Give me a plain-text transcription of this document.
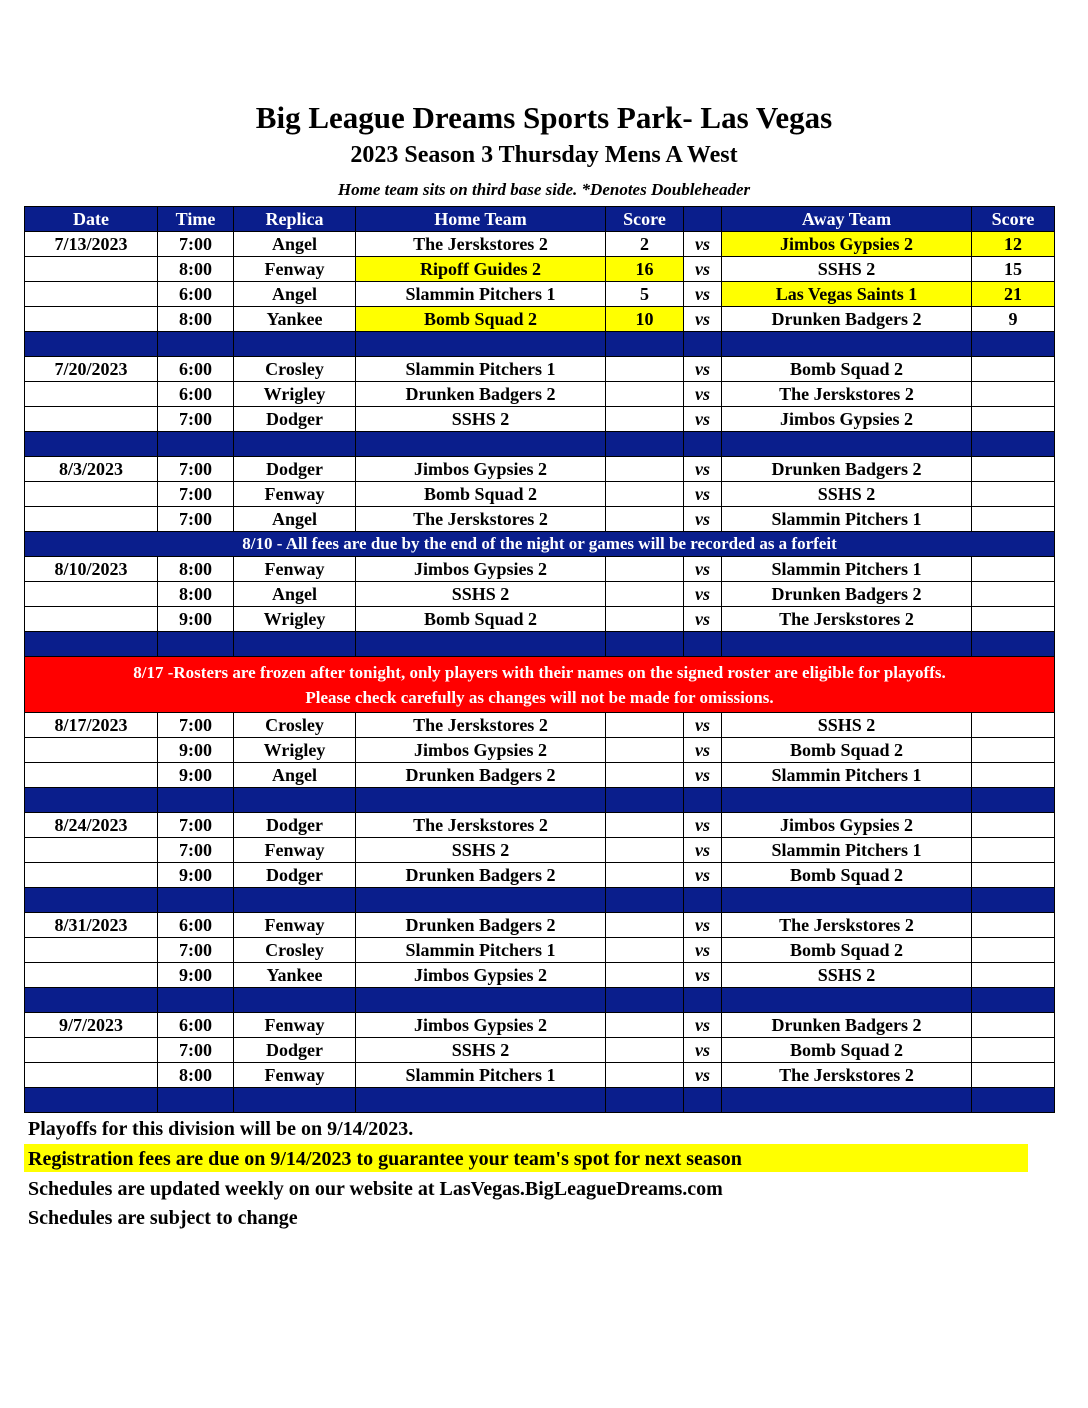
Big League Dreams Sports Park- Las Vegas
2023 Season 3 Thursday Mens A West
Home team sits on third base side. *Denotes Doubleheader
Date	Time	Replica	Home Team	Score		Away Team	Score
7/13/2023	7:00	Angel	The Jerskstores 2	2	vs	Jimbos Gypsies 2	12
	8:00	Fenway	Ripoff Guides 2	16	vs	SSHS 2	15
	6:00	Angel	Slammin Pitchers 1	5	vs	Las Vegas Saints 1	21
	8:00	Yankee	Bomb Squad 2	10	vs	Drunken Badgers 2	9

7/20/2023	6:00	Crosley	Slammin Pitchers 1		vs	Bomb Squad 2	
	6:00	Wrigley	Drunken Badgers 2		vs	The Jerskstores 2	
	7:00	Dodger	SSHS 2		vs	Jimbos Gypsies 2	

8/3/2023	7:00	Dodger	Jimbos Gypsies 2		vs	Drunken Badgers 2	
	7:00	Fenway	Bomb Squad 2		vs	SSHS 2	
	7:00	Angel	The Jerskstores 2		vs	Slammin Pitchers 1	
8/10 - All fees are due by the end of the night or games will be recorded as a forfeit							
8/10/2023	8:00	Fenway	Jimbos Gypsies 2		vs	Slammin Pitchers 1	
	8:00	Angel	SSHS 2		vs	Drunken Badgers 2	
	9:00	Wrigley	Bomb Squad 2		vs	The Jerskstores 2	

8/17 -Rosters are frozen after tonight, only players with their names on the signed roster are eligible for playoffs.
Please check carefully as changes will not be made for omissions.							

8/17/2023	7:00	Crosley	The Jerskstores 2		vs	SSHS 2	
	9:00	Wrigley	Jimbos Gypsies 2		vs	Bomb Squad 2	
	9:00	Angel	Drunken Badgers 2		vs	Slammin Pitchers 1	

8/24/2023	7:00	Dodger	The Jerskstores 2		vs	Jimbos Gypsies 2	
	7:00	Fenway	SSHS 2		vs	Slammin Pitchers 1	
	9:00	Dodger	Drunken Badgers 2		vs	Bomb Squad 2	

8/31/2023	6:00	Fenway	Drunken Badgers 2		vs	The Jerskstores 2	
	7:00	Crosley	Slammin Pitchers 1		vs	Bomb Squad 2	
	9:00	Yankee	Jimbos Gypsies 2		vs	SSHS 2	

9/7/2023	6:00	Fenway	Jimbos Gypsies 2		vs	Drunken Badgers 2	
	7:00	Dodger	SSHS 2		vs	Bomb Squad 2	
	8:00	Fenway	Slammin Pitchers 1		vs	The Jerskstores 2	

Playoffs for this division will be on 9/14/2023.
Registration fees are due on 9/14/2023 to guarantee your team's spot for next season
Schedules are updated weekly on our website at LasVegas.BigLeagueDreams.com
Schedules are subject to change
